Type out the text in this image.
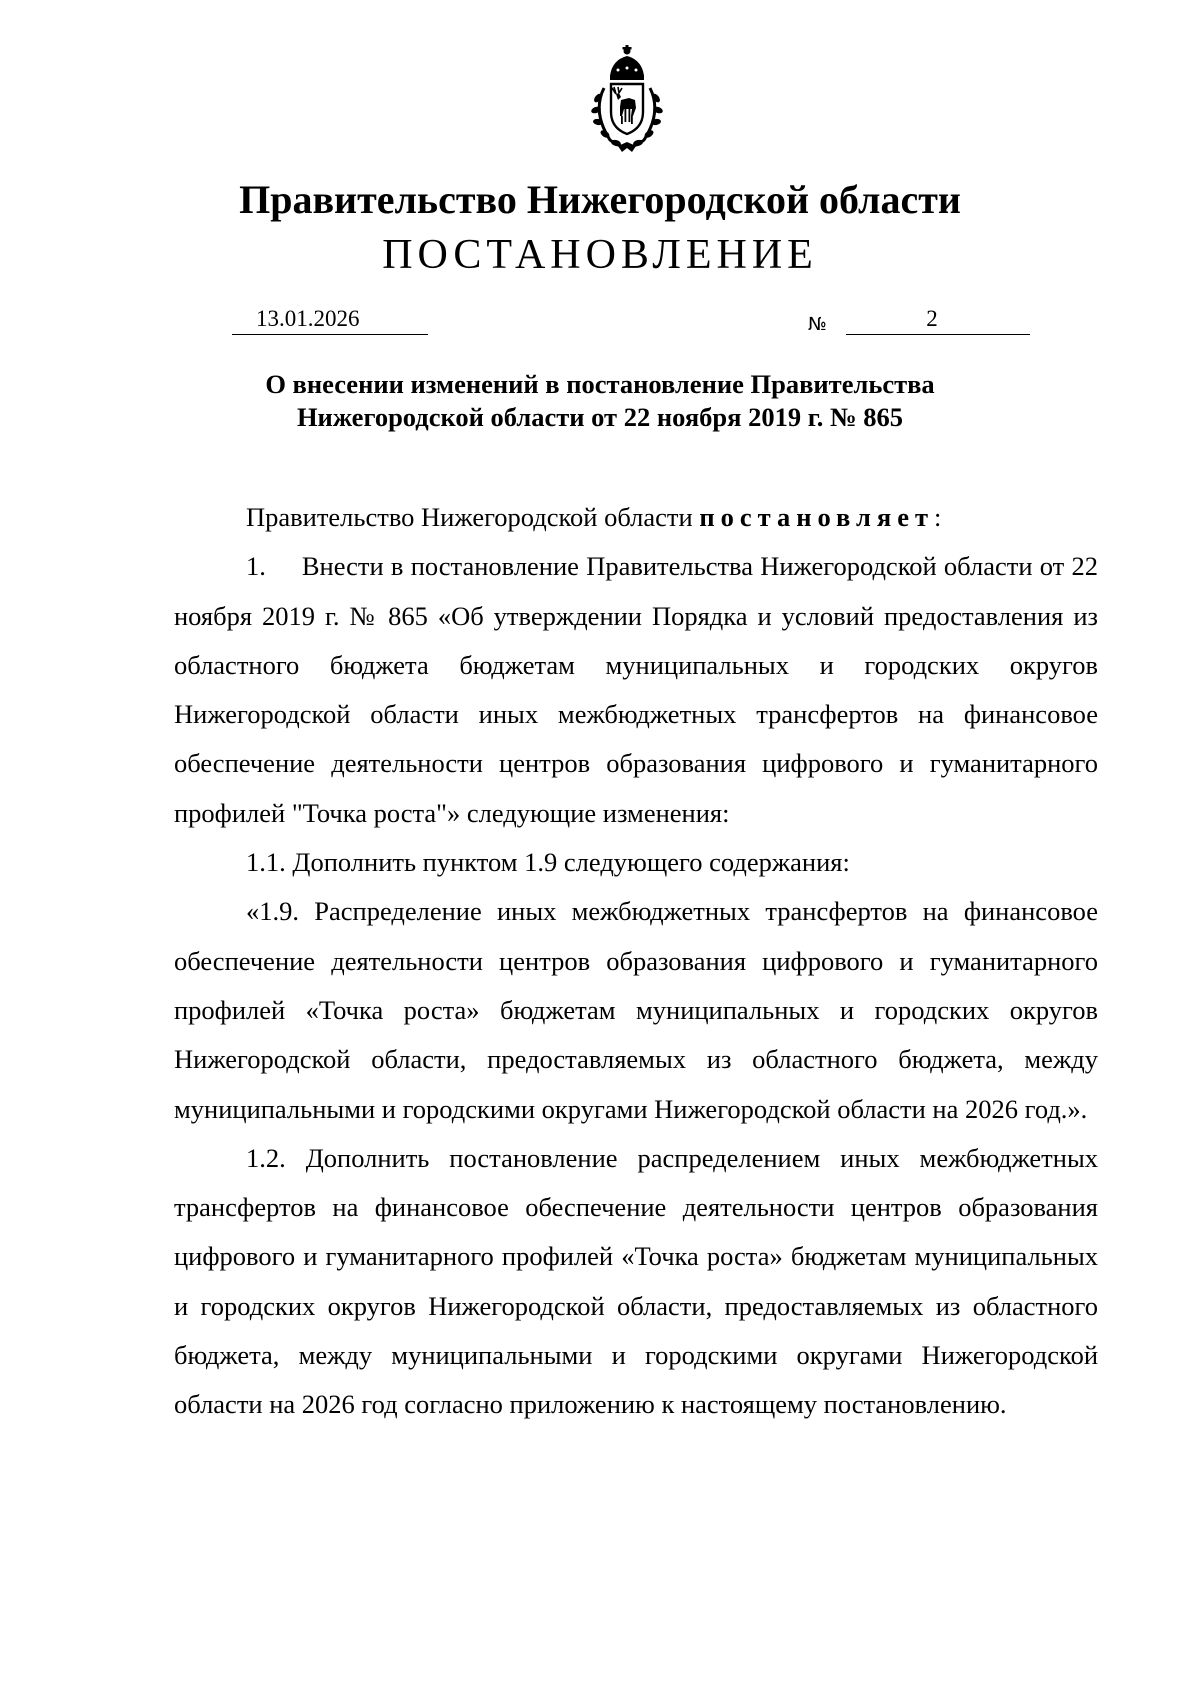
Правительство Нижегородской области
ПОСТАНОВЛЕНИЕ
13.01.2026	№	2
О внесении изменений в постановление Правительства
Нижегородской области от 22 ноября 2019 г. № 865

Правительство Нижегородской области постановляет:

1. Внести в постановление Правительства Нижегородской области от 22 ноября 2019 г. № 865 «Об утверждении Порядка и условий предоставления из областного бюджета бюджетам муниципальных и городских округов Нижегородской области иных межбюджетных трансфертов на финансовое обеспечение деятельности центров образования цифрового и гуманитарного профилей "Точка роста"» следующие изменения:

1.1. Дополнить пунктом 1.9 следующего содержания:

«1.9. Распределение иных межбюджетных трансфертов на финансовое обеспечение деятельности центров образования цифрового и гуманитарного профилей «Точка роста» бюджетам муниципальных и городских округов Нижегородской области, предоставляемых из областного бюджета, между муниципальными и городскими округами Нижегородской области на 2026 год.».

1.2. Дополнить постановление распределением иных межбюджетных трансфертов на финансовое обеспечение деятельности центров образования цифрового и гуманитарного профилей «Точка роста» бюджетам муниципальных и городских округов Нижегородской области, предоставляемых из областного бюджета, между муниципальными и городскими округами Нижегородской области на 2026 год согласно приложению к настоящему постановлению.
